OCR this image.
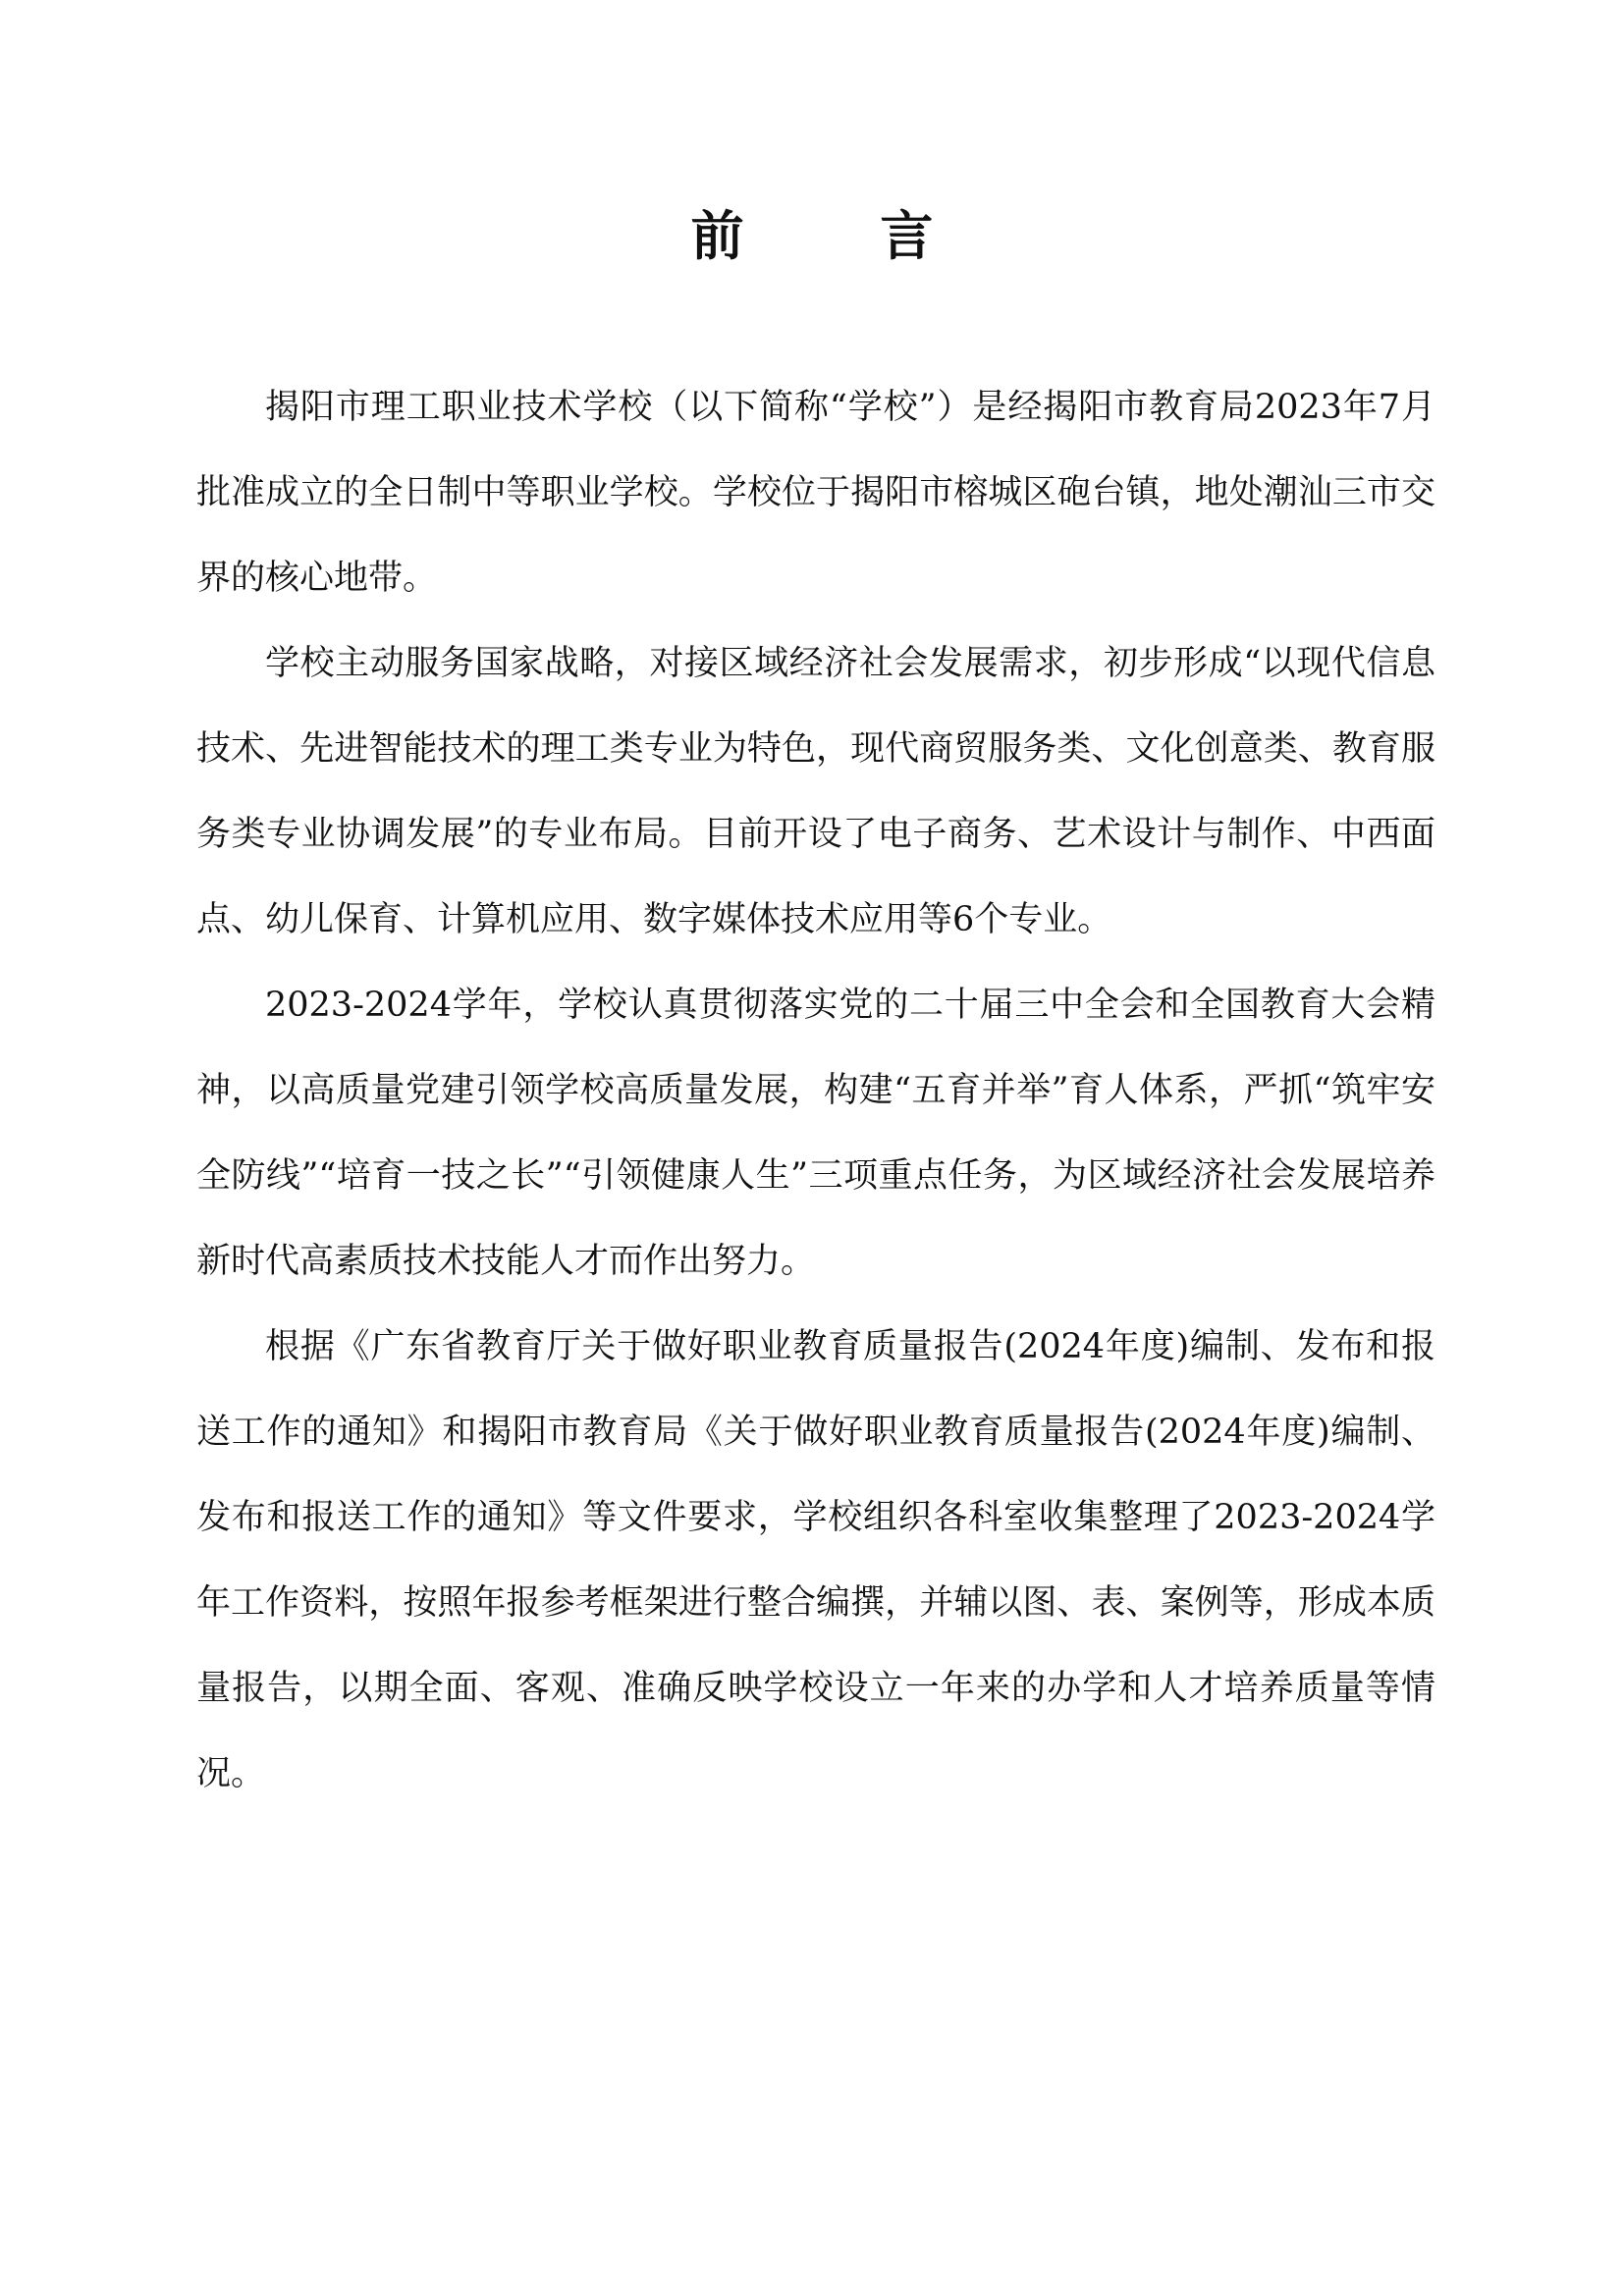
前 言

揭阳市理工职业技术学校（以下简称“学校”）是经揭阳市教育局2023年7月批准成立的全日制中等职业学校。学校位于揭阳市榕城区砲台镇，地处潮汕三市交界的核心地带。

学校主动服务国家战略，对接区域经济社会发展需求，初步形成“以现代信息技术、先进智能技术的理工类专业为特色，现代商贸服务类、文化创意类、教育服务类专业协调发展”的专业布局。目前开设了电子商务、艺术设计与制作、中西面点、幼儿保育、计算机应用、数字媒体技术应用等6个专业。

2023-2024学年，学校认真贯彻落实党的二十届三中全会和全国教育大会精神，以高质量党建引领学校高质量发展，构建“五育并举”育人体系，严抓“筑牢安全防线”“培育一技之长”“引领健康人生”三项重点任务，为区域经济社会发展培养新时代高素质技术技能人才而作出努力。

根据《广东省教育厅关于做好职业教育质量报告(2024年度)编制、发布和报送工作的通知》和揭阳市教育局《关于做好职业教育质量报告(2024年度)编制、发布和报送工作的通知》等文件要求，学校组织各科室收集整理了2023-2024学年工作资料，按照年报参考框架进行整合编撰，并辅以图、表、案例等，形成本质量报告，以期全面、客观、准确反映学校设立一年来的办学和人才培养质量等情况。
